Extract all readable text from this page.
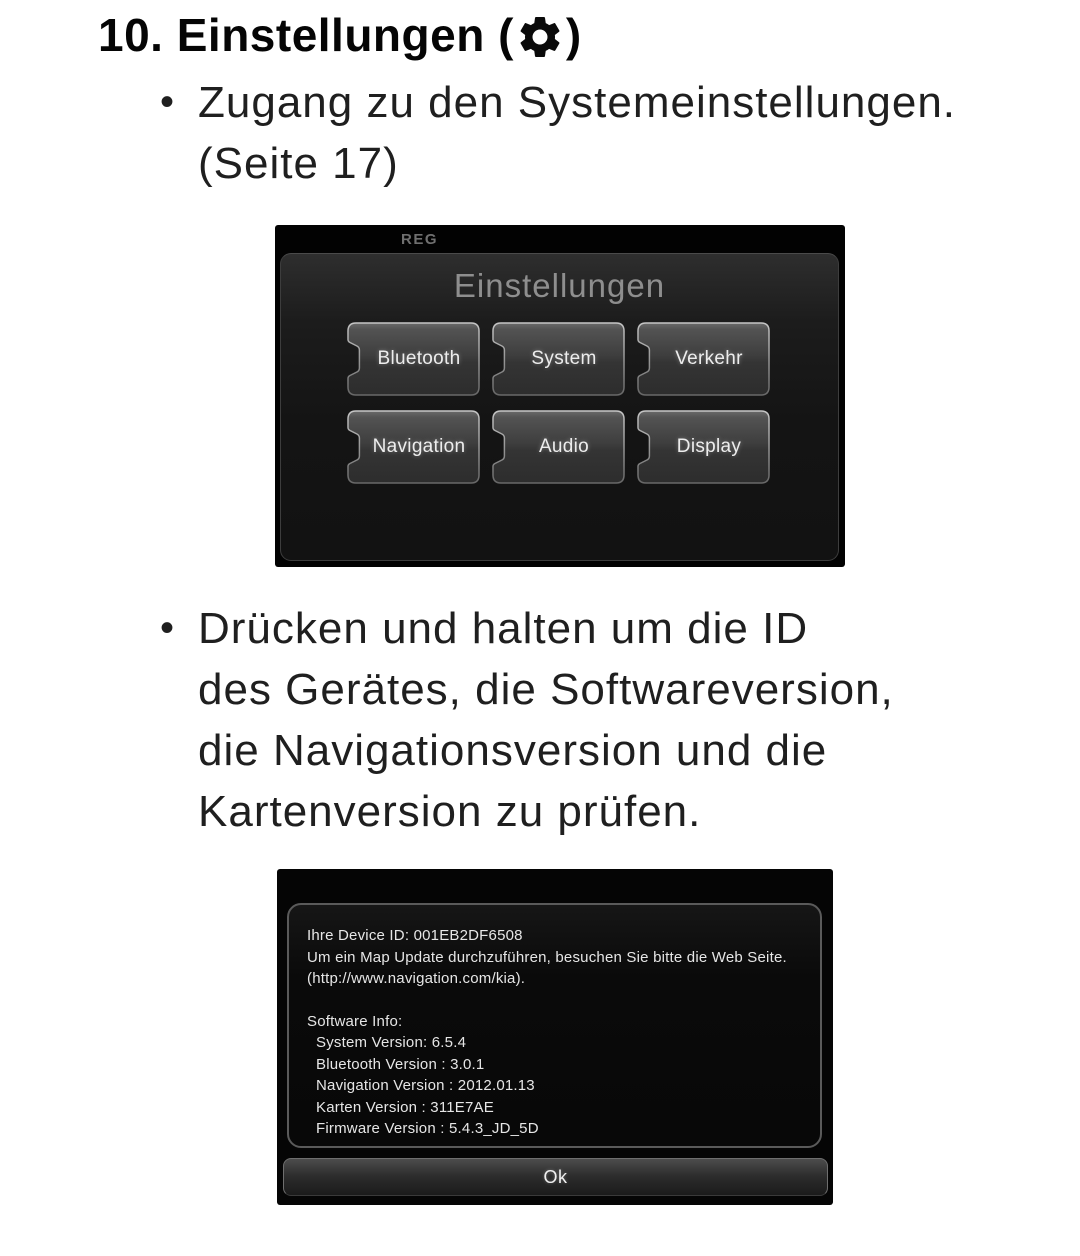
10. Einstellungen ( )
• Zugang zu den Systemeinstellungen.
(Seite 17)
REG
Einstellungen
Bluetooth	System	Verkehr
Navigation	Audio	Display
• Drücken und halten um die ID
des Gerätes, die Softwareversion,
die Navigationsversion und die
Kartenversion zu prüfen.
Ihre Device ID: 001EB2DF6508
Um ein Map Update durchzuführen, besuchen Sie bitte die Web Seite.
(http://www.navigation.com/kia).
Software Info:
System Version: 6.5.4
Bluetooth Version : 3.0.1
Navigation Version : 2012.01.13
Karten Version : 311E7AE
Firmware Version : 5.4.3_JD_5D
Ok
